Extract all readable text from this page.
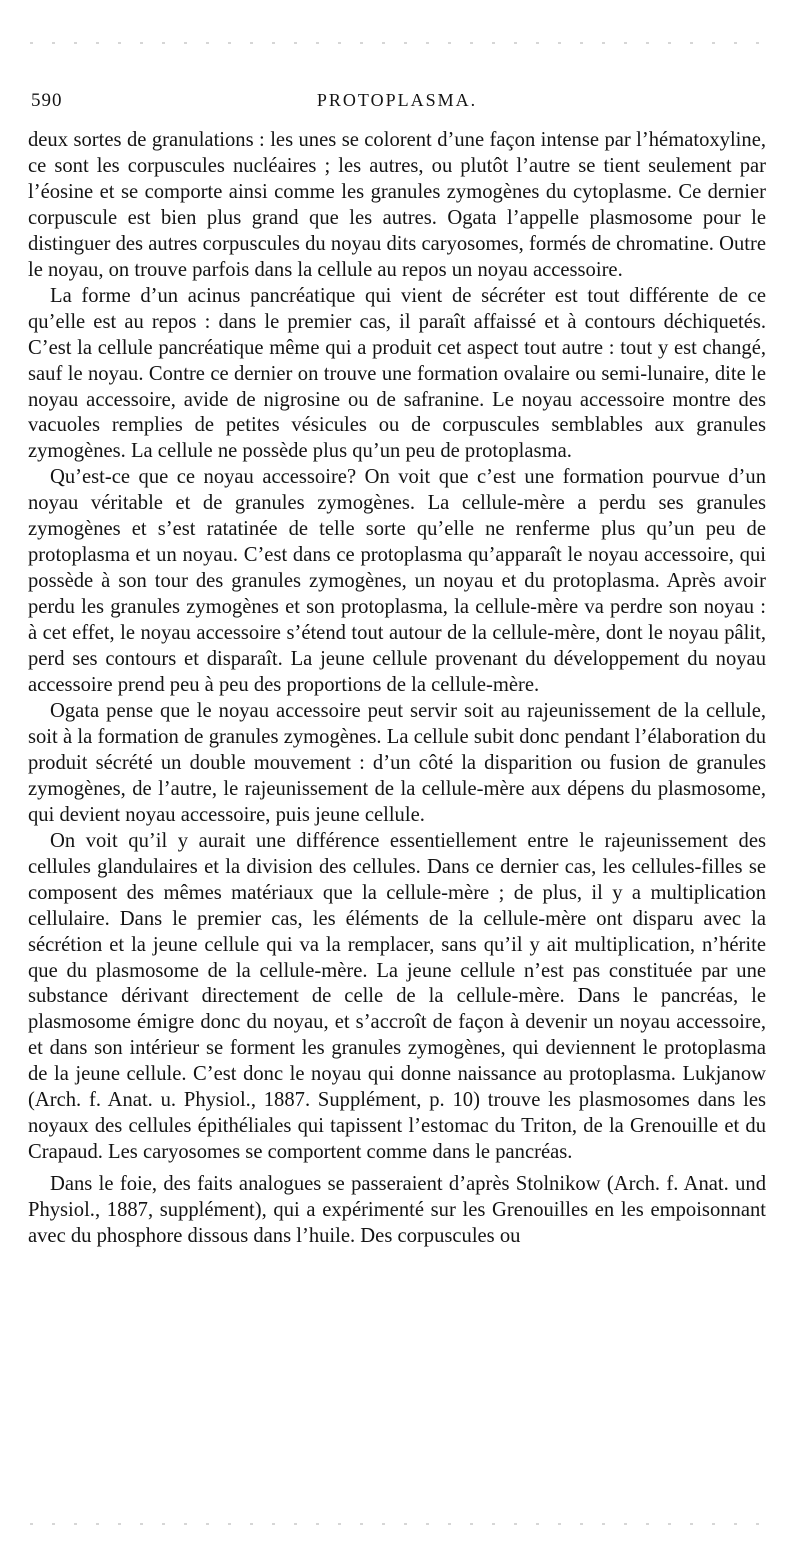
590	PROTOPLASMA.

deux sortes de granulations : les unes se colorent d’une façon intense par l’hématoxyline, ce sont les corpuscules nucléaires ; les autres, ou plutôt l’autre se tient seulement par l’éosine et se comporte ainsi comme les granules zymogènes du cytoplasme. Ce dernier corpuscule est bien plus grand que les autres. Ogata l’appelle plasmosome pour le distinguer des autres corpuscules du noyau dits caryosomes, formés de chromatine. Outre le noyau, on trouve parfois dans la cellule au repos un noyau accessoire.

La forme d’un acinus pancréatique qui vient de sécréter est tout différente de ce qu’elle est au repos : dans le premier cas, il paraît affaissé et à contours déchiquetés. C’est la cellule pancréatique même qui a produit cet aspect tout autre : tout y est changé, sauf le noyau. Contre ce dernier on trouve une formation ovalaire ou semi-lunaire, dite le noyau accessoire, avide de nigrosine ou de safranine. Le noyau accessoire montre des vacuoles remplies de petites vésicules ou de corpuscules semblables aux granules zymogènes. La cellule ne possède plus qu’un peu de protoplasma.

Qu’est-ce que ce noyau accessoire? On voit que c’est une formation pourvue d’un noyau véritable et de granules zymogènes. La cellule-mère a perdu ses granules zymogènes et s’est ratatinée de telle sorte qu’elle ne renferme plus qu’un peu de protoplasma et un noyau. C’est dans ce protoplasma qu’apparaît le noyau accessoire, qui possède à son tour des granules zymogènes, un noyau et du protoplasma. Après avoir perdu les granules zymogènes et son protoplasma, la cellule-mère va perdre son noyau : à cet effet, le noyau accessoire s’étend tout autour de la cellule-mère, dont le noyau pâlit, perd ses contours et disparaît. La jeune cellule provenant du développement du noyau accessoire prend peu à peu des proportions de la cellule-mère.

Ogata pense que le noyau accessoire peut servir soit au rajeunissement de la cellule, soit à la formation de granules zymogènes. La cellule subit donc pendant l’élaboration du produit sécrété un double mouvement : d’un côté la disparition ou fusion de granules zymogènes, de l’autre, le rajeunissement de la cellule-mère aux dépens du plasmosome, qui devient noyau accessoire, puis jeune cellule.

On voit qu’il y aurait une différence essentiellement entre le rajeunissement des cellules glandulaires et la division des cellules. Dans ce dernier cas, les cellules-filles se composent des mêmes matériaux que la cellule-mère ; de plus, il y a multiplication cellulaire. Dans le premier cas, les éléments de la cellule-mère ont disparu avec la sécrétion et la jeune cellule qui va la remplacer, sans qu’il y ait multiplication, n’hérite que du plasmosome de la cellule-mère. La jeune cellule n’est pas constituée par une substance dérivant directement de celle de la cellule-mère. Dans le pancréas, le plasmosome émigre donc du noyau, et s’accroît de façon à devenir un noyau accessoire, et dans son intérieur se forment les granules zymogènes, qui deviennent le protoplasma de la jeune cellule. C’est donc le noyau qui donne naissance au protoplasma. Lukjanow (Arch. f. Anat. u. Physiol., 1887. Supplément, p. 10) trouve les plasmosomes dans les noyaux des cellules épithéliales qui tapissent l’estomac du Triton, de la Grenouille et du Crapaud. Les caryosomes se comportent comme dans le pancréas.

Dans le foie, des faits analogues se passeraient d’après Stolnikow (Arch. f. Anat. und Physiol., 1887, supplément), qui a expérimenté sur les Grenouilles en les empoisonnant avec du phosphore dissous dans l’huile. Des corpuscules ou
